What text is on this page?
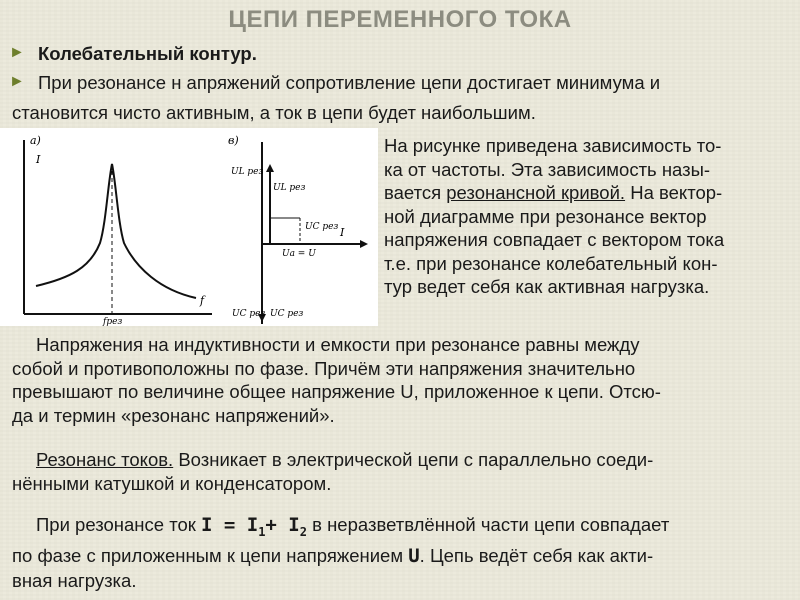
ЦЕПИ ПЕРЕМЕННОГО ТОКА
► Колебательный контур.
► При резонансе н апряжений сопротивление цепи достигает минимума и
становится чисто активным, а ток в цепи будет наибольшим.
а)
I
f
fрез
в)
UL рез
UL рез
UC рез I
Ua = U
UC рез UC рез
На рисунке приведена зависимость то-
ка от частоты. Эта зависимость назы-
вается резонансной кривой. На вектор-
ной диаграмме при резонансе вектор
напряжения совпадает с вектором тока
т.е. при резонансе колебательный кон-
тур ведет себя как активная нагрузка.
Напряжения на индуктивности и емкости при резонансе равны между
собой и противоположны по фазе. Причём эти напряжения значительно
превышают по величине общее напряжение U, приложенное к цепи. Отсю-
да и термин «резонанс напряжений».
Резонанс токов. Возникает в электрической цепи с параллельно соеди-
нёнными катушкой и конденсатором.
При резонансе ток $I = I_1+ I_2$ в неразветвлённой части цепи совпадает
по фазе с приложенным к цепи напряжением U. Цепь ведёт себя как акти-
вная нагрузка.
